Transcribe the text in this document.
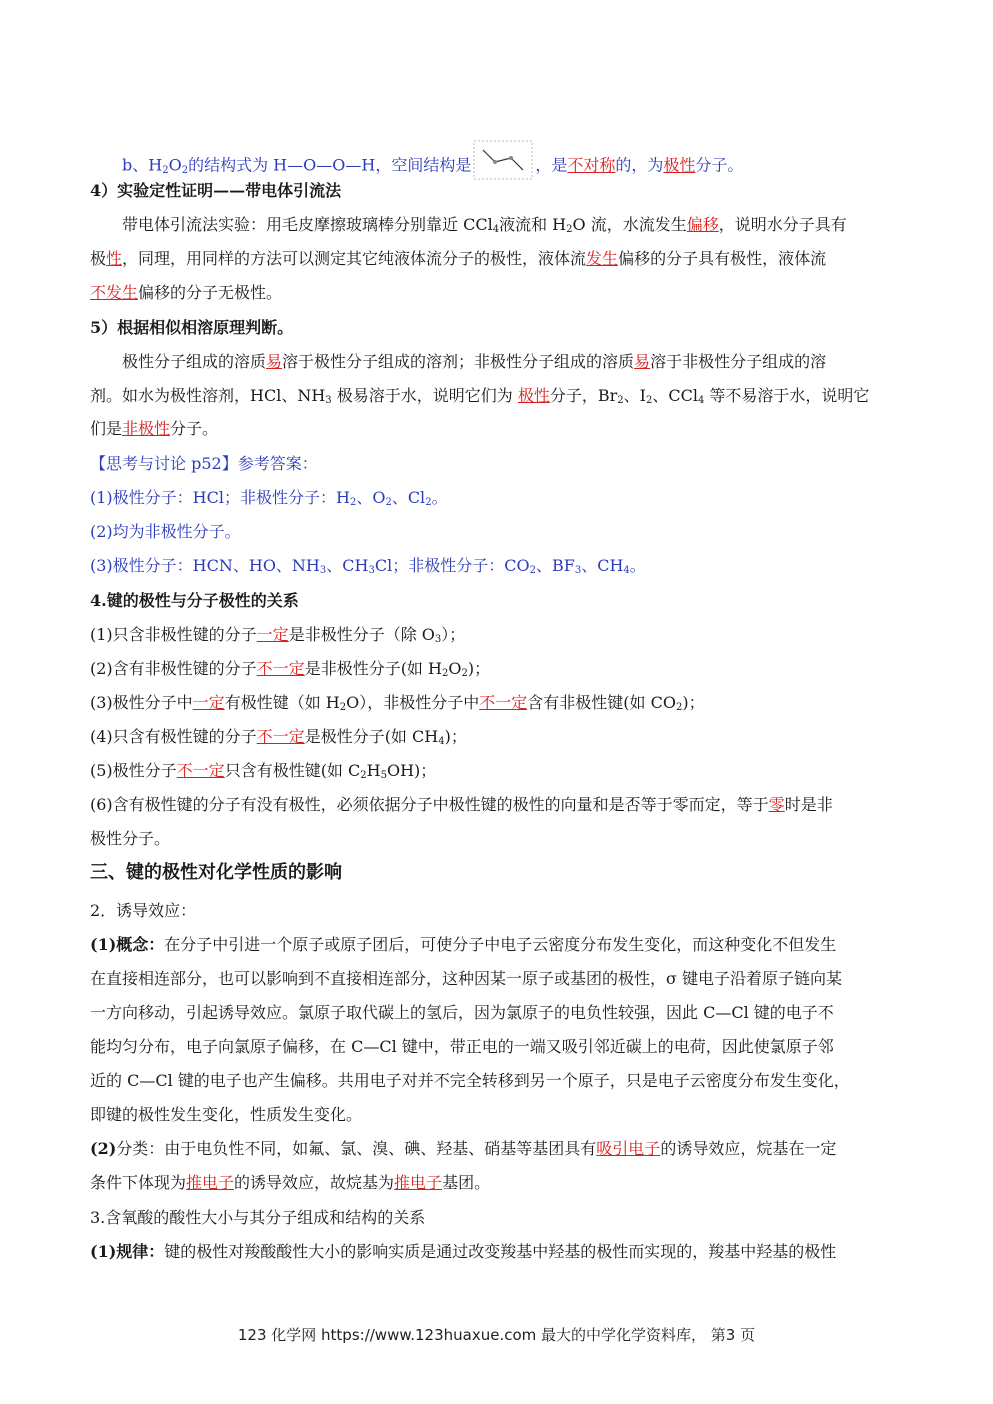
b、$H_2O_2$的结构式为 H—O—O—H，空间结构是	，是不对称的，为极性分子。
4）实验定性证明——带电体引流法
带电体引流法实验：用毛皮摩擦玻璃棒分别靠近 CCl$_4$液流和 $H_2O$ 流，水流发生偏移，说明水分子具有
极性，同理，用同样的方法可以测定其它纯液体流分子的极性，液体流发生偏移的分子具有极性，液体流
不发生偏移的分子无极性。
5）根据相似相溶原理判断。
极性分子组成的溶质易溶于极性分子组成的溶剂；非极性分子组成的溶质易溶于非极性分子组成的溶
剂。如水为极性溶剂，HCl、$NH_3$ 极易溶于水，说明它们为 极性分子，$Br_2$、$I_2$、CCl$_4$ 等不易溶于水，说明它
们是非极性分子。
【思考与讨论 p52】参考答案：
(1)极性分子：HCl；非极性分子：$H_2$、$O_2$、$Cl_2$。
(2)均为非极性分子。
(3)极性分子：HCN、HO、$NH_3$、$CH_3Cl$；非极性分子：$CO_2$、$BF_3$、$CH_4$。
4.键的极性与分子极性的关系
(1)只含非极性键的分子一定是非极性分子（除 $O_3$）；
(2)含有非极性键的分子不一定是非极性分子(如 $H_2O_2$)；
(3)极性分子中一定有极性键（如 $H_2O$），非极性分子中不一定含有非极性键(如 $CO_2$)；
(4)只含有极性键的分子不一定是极性分子(如 $CH_4$)；
(5)极性分子不一定只含有极性键(如 $C_2H_5OH$)；
(6)含有极性键的分子有没有极性，必须依据分子中极性键的极性的向量和是否等于零而定，等于零时是非
极性分子。
三、键的极性对化学性质的影响
2．诱导效应：
(1)概念：在分子中引进一个原子或原子团后，可使分子中电子云密度分布发生变化，而这种变化不但发生
在直接相连部分，也可以影响到不直接相连部分，这种因某一原子或基团的极性，σ 键电子沿着原子链向某
一方向移动，引起诱导效应。氯原子取代碳上的氢后，因为氯原子的电负性较强，因此 C—Cl 键的电子不
能均匀分布，电子向氯原子偏移，在 C—Cl 键中，带正电的一端又吸引邻近碳上的电荷，因此使氯原子邻
近的 C—Cl 键的电子也产生偏移。共用电子对并不完全转移到另一个原子，只是电子云密度分布发生变化，
即键的极性发生变化，性质发生变化。
(2)分类：由于电负性不同，如氟、氯、溴、碘、羟基、硝基等基团具有吸引电子的诱导效应，烷基在一定
条件下体现为推电子的诱导效应，故烷基为推电子基团。
3.含氧酸的酸性大小与其分子组成和结构的关系
(1)规律：键的极性对羧酸酸性大小的影响实质是通过改变羧基中羟基的极性而实现的，羧基中羟基的极性
123 化学网 https://www.123huaxue.com 最大的中学化学资料库， 第3 页
